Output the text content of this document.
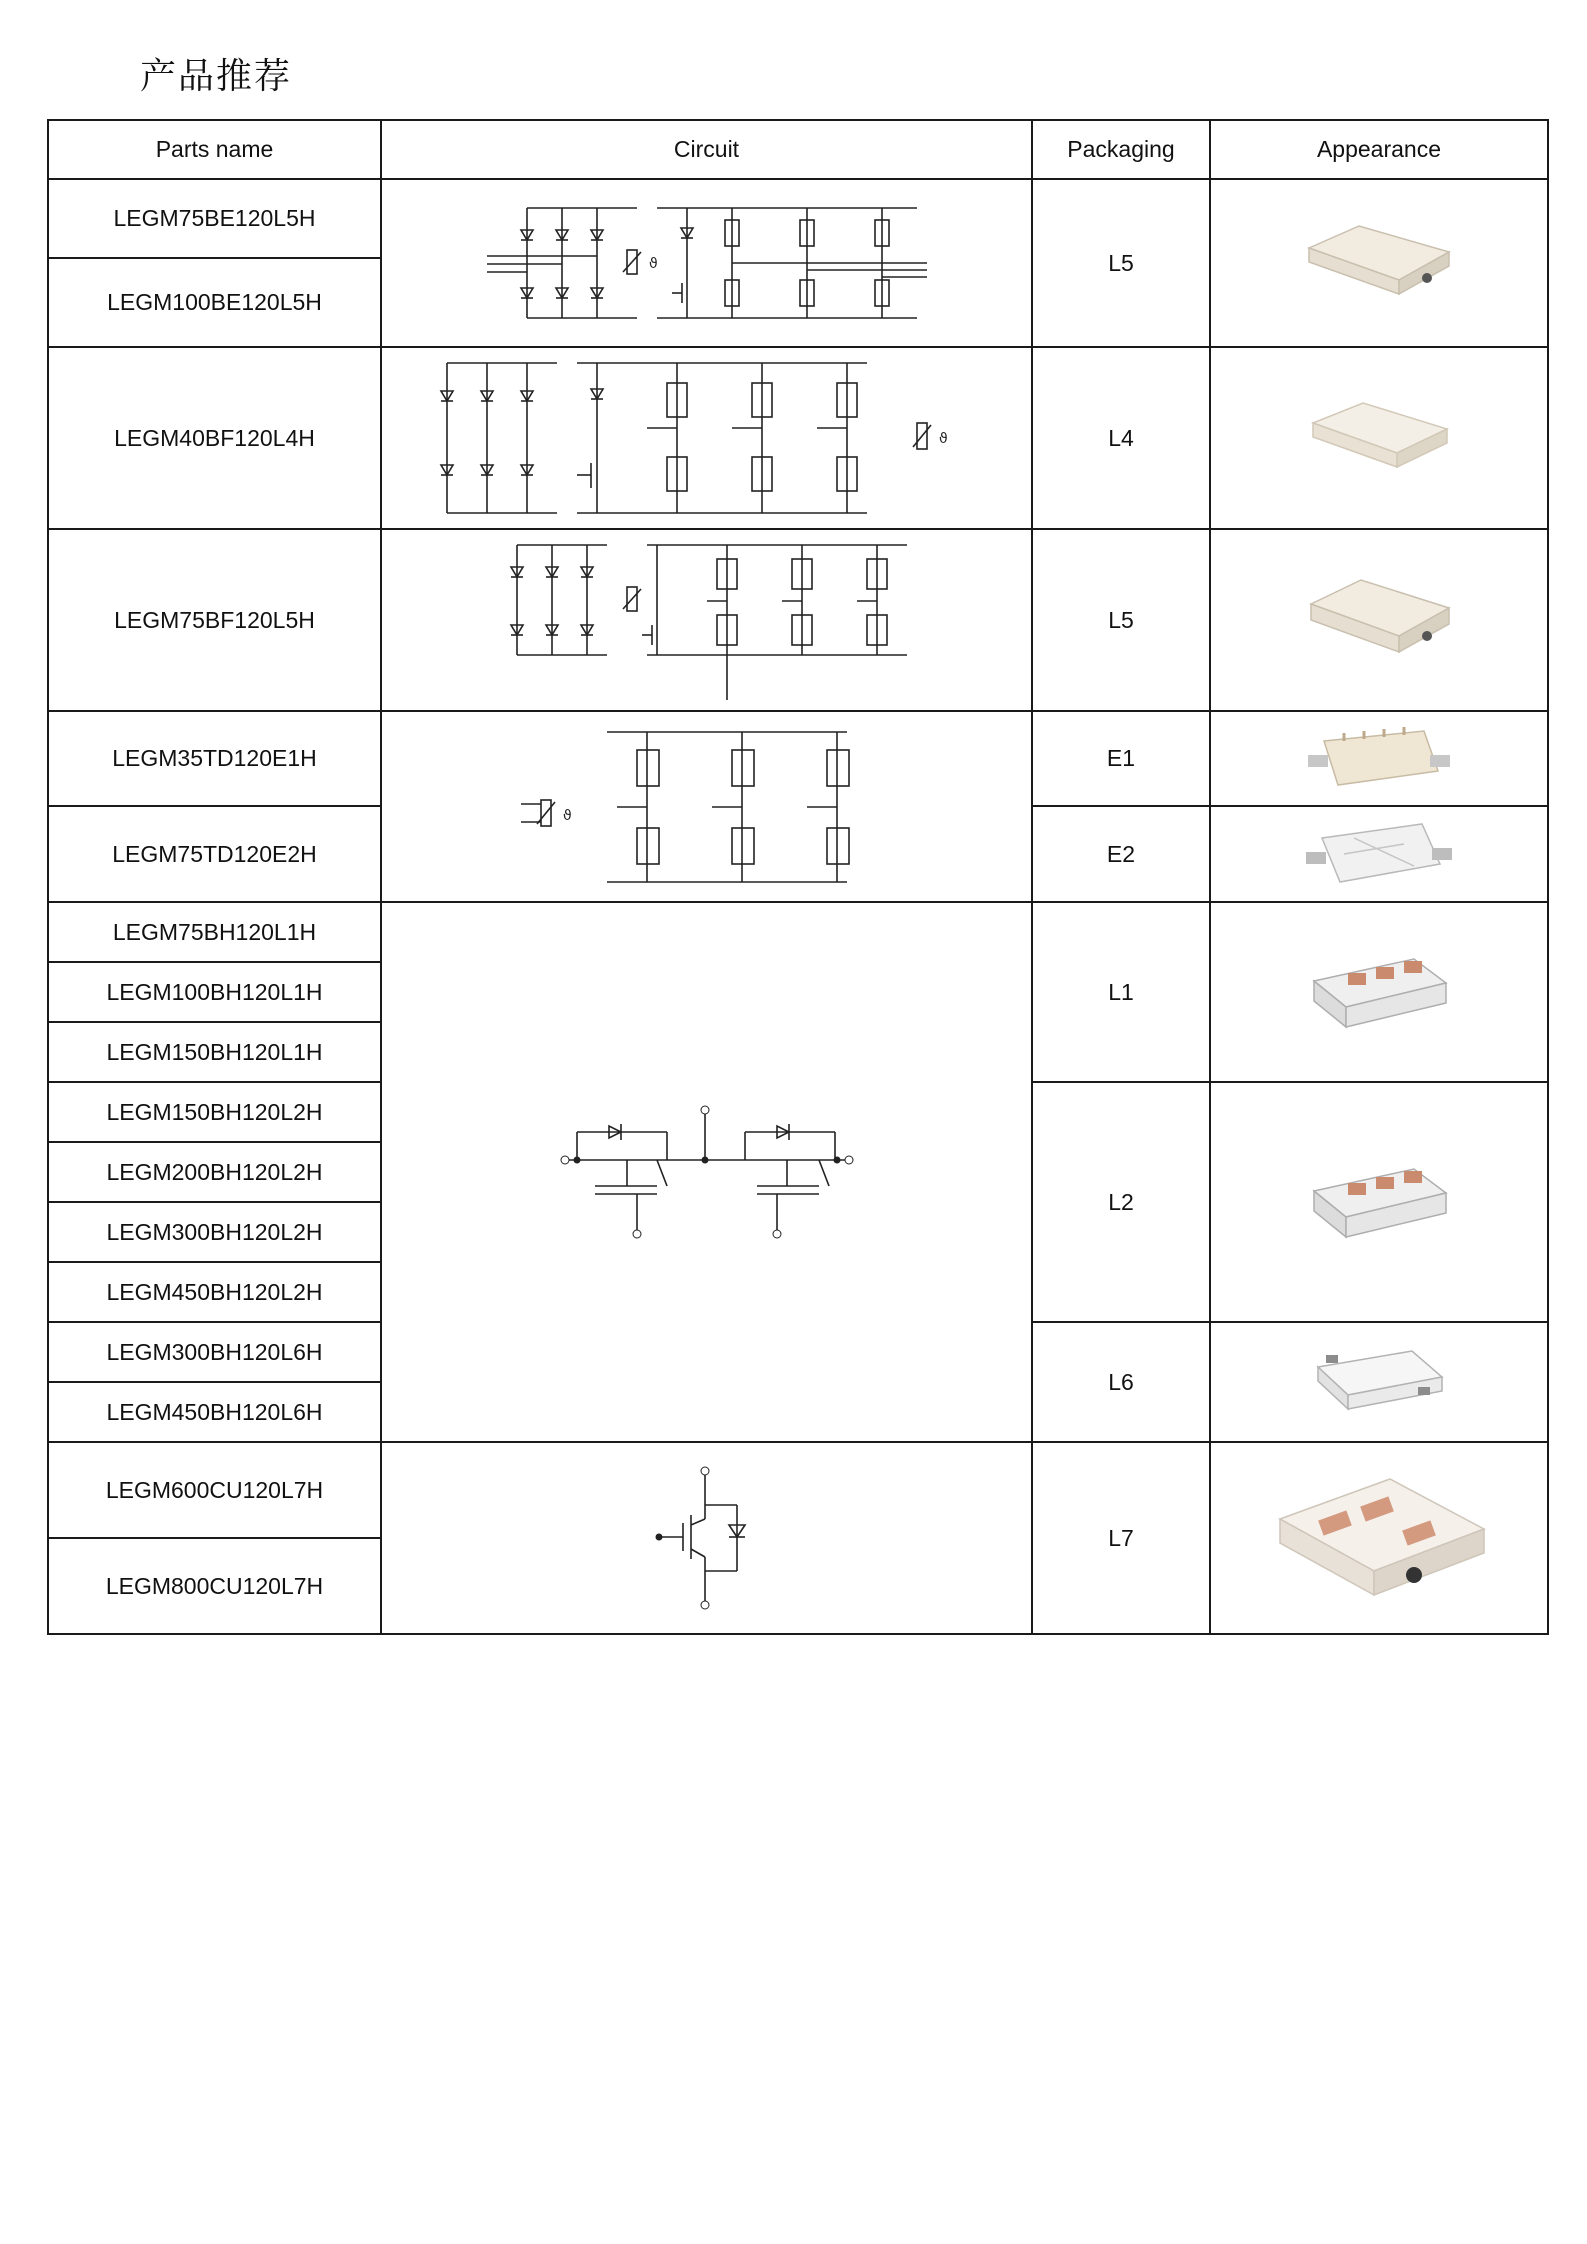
产品推荐
Parts name	Circuit	Packaging	Appearance
LEGM75BE120L5H	ϑ	L5	

LEGM100BE120L5H			
LEGM40BF120L4H	ϑ	L4	

LEGM75BF120L5H		L5	

LEGM35TD120E1H	ϑ	E1	

LEGM75TD120E2H		E2	

LEGM75BH120L1H		L1	

LEGM100BH120L1H			
LEGM150BH120L1H			
LEGM150BH120L2H		L2	

LEGM200BH120L2H			
LEGM300BH120L2H			
LEGM450BH120L2H			
LEGM300BH120L6H		L6	

LEGM450BH120L6H			
LEGM600CU120L7H		L7	

LEGM800CU120L7H			
